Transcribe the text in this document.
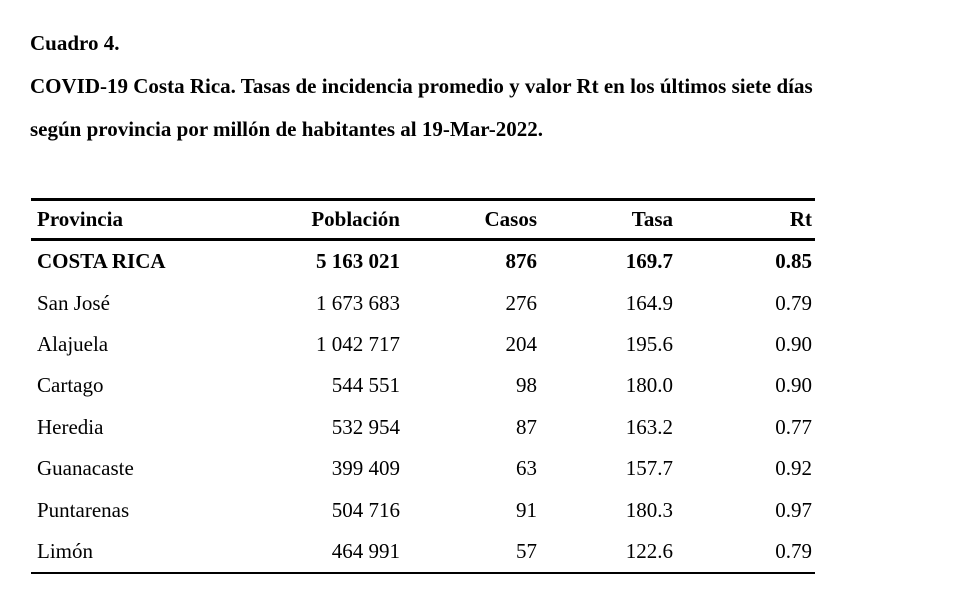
Cuadro 4.
COVID-19 Costa Rica. Tasas de incidencia promedio y valor Rt en los últimos siete días
según provincia por millón de habitantes al 19-Mar-2022.
Provincia	Población	Casos	Tasa	Rt
COSTA RICA	5 163 021	876	169.7	0.85
San José	1 673 683	276	164.9	0.79
Alajuela	1 042 717	204	195.6	0.90
Cartago	544 551	98	180.0	0.90
Heredia	532 954	87	163.2	0.77
Guanacaste	399 409	63	157.7	0.92
Puntarenas	504 716	91	180.3	0.97
Limón	464 991	57	122.6	0.79
